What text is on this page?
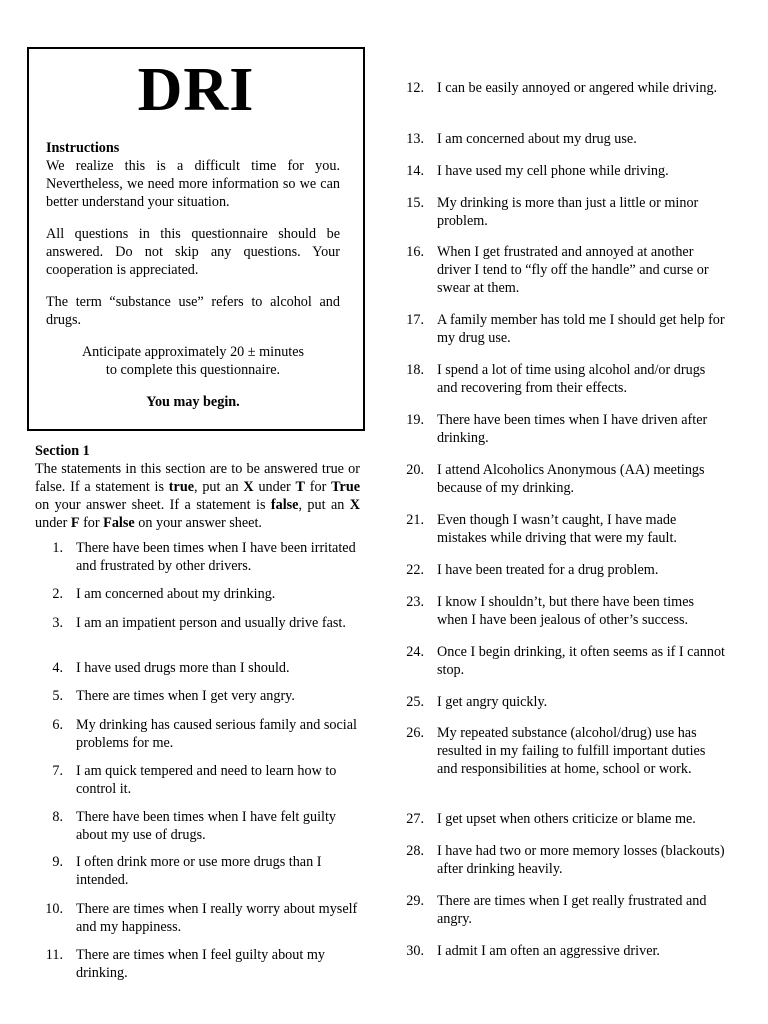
DRI

Instructions

We realize this is a difficult time for you. Nevertheless, we need more information so we can better understand your situation.

All questions in this questionnaire should be answered. Do not skip any questions. Your cooperation is appreciated.

The term “substance use” refers to alcohol and drugs.

Anticipate approximately 20 ± minutes

to complete this questionnaire.

You may begin.

Section 1
The statements in this section are to be answered true or false. If a statement is true, put an X under T for True on your answer sheet. If a statement is false, put an X under F for False on your answer sheet.
1. There have been times when I have been irritated and frustrated by other drivers.
2. I am concerned about my drinking.
3. I am an impatient person and usually drive fast.
4. I have used drugs more than I should.
5. There are times when I get very angry.
6. My drinking has caused serious family and social problems for me.
7. I am quick tempered and need to learn how to control it.
8. There have been times when I have felt guilty about my use of drugs.
9. I often drink more or use more drugs than I intended.
10. There are times when I really worry about myself and my happiness.
11. There are times when I feel guilty about my drinking.
12. I can be easily annoyed or angered while driving.
13. I am concerned about my drug use.
14. I have used my cell phone while driving.
15. My drinking is more than just a little or minor problem.
16. When I get frustrated and annoyed at another driver I tend to “fly off the handle” and curse or swear at them.
17. A family member has told me I should get help for my drug use.
18. I spend a lot of time using alcohol and/or drugs and recovering from their effects.
19. There have been times when I have driven after drinking.
20. I attend Alcoholics Anonymous (AA) meetings because of my drinking.
21. Even though I wasn’t caught, I have made mistakes while driving that were my fault.
22. I have been treated for a drug problem.
23. I know I shouldn’t, but there have been times when I have been jealous of other’s success.
24. Once I begin drinking, it often seems as if I cannot stop.
25. I get angry quickly.
26. My repeated substance (alcohol/drug) use has resulted in my failing to fulfill important duties and responsibilities at home, school or work.
27. I get upset when others criticize or blame me.
28. I have had two or more memory losses (blackouts) after drinking heavily.
29. There are times when I get really frustrated and angry.
30. I admit I am often an aggressive driver.
